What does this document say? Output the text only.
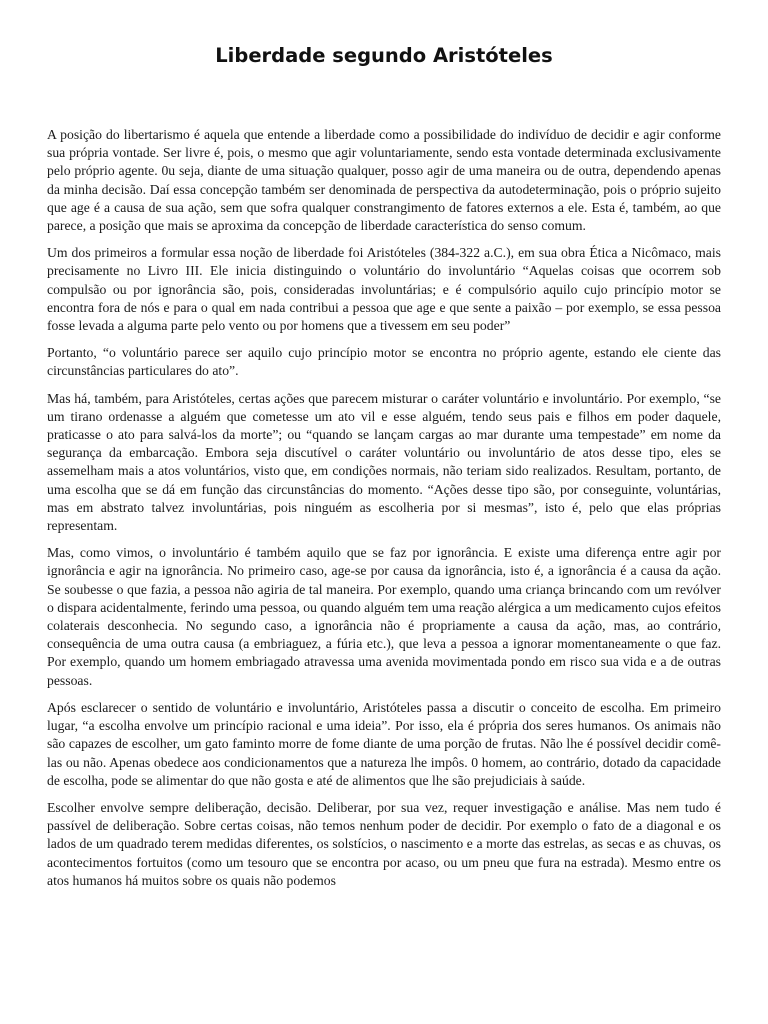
Liberdade segundo Aristóteles

A posição do libertarismo é aquela que entende a liberdade como a possibilidade do indivíduo de decidir e agir conforme sua própria vontade. Ser livre é, pois, o mesmo que agir voluntariamente, sendo esta vontade determinada exclusivamente pelo próprio agente. 0u seja, diante de uma situação qualquer, posso agir de uma maneira ou de outra, dependendo apenas da minha decisão. Daí essa concepção também ser denominada de perspectiva da autodeterminação, pois o próprio sujeito que age é a causa de sua ação, sem que sofra qualquer constrangimento de fatores externos a ele. Esta é, também, ao que parece, a posição que mais se aproxima da concepção de liberdade característica do senso comum.

Um dos primeiros a formular essa noção de liberdade foi Aristóteles (384-322 a.C.), em sua obra Ética a Nicômaco, mais precisamente no Livro III. Ele inicia distinguindo o voluntário do involuntário “Aquelas coisas que ocorrem sob compulsão ou por ignorância são, pois, consideradas involuntárias; e é compulsório aquilo cujo princípio motor se encontra fora de nós e para o qual em nada contribui a pessoa que age e que sente a paixão – por exemplo, se essa pessoa fosse levada a alguma parte pelo vento ou por homens que a tivessem em seu poder”

Portanto, “o voluntário parece ser aquilo cujo princípio motor se encontra no próprio agente, estando ele ciente das circunstâncias particulares do ato”.

Mas há, também, para Aristóteles, certas ações que parecem misturar o caráter voluntário e involuntário. Por exemplo, “se um tirano ordenasse a alguém que cometesse um ato vil e esse alguém, tendo seus pais e filhos em poder daquele, praticasse o ato para salvá-los da morte”; ou “quando se lançam cargas ao mar durante uma tempestade” em nome da segurança da embarcação. Embora seja discutível o caráter voluntário ou involuntário de atos desse tipo, eles se assemelham mais a atos voluntários, visto que, em condições normais, não teriam sido realizados. Resultam, portanto, de uma escolha que se dá em função das circunstâncias do momento. “Ações desse tipo são, por conseguinte, voluntárias, mas em abstrato talvez involuntárias, pois ninguém as escolheria por si mesmas”, isto é, pelo que elas próprias representam.

Mas, como vimos, o involuntário é também aquilo que se faz por ignorância. E existe uma diferença entre agir por ignorância e agir na ignorância. No primeiro caso, age-se por causa da ignorância, isto é, a ignorância é a causa da ação. Se soubesse o que fazia, a pessoa não agiria de tal maneira. Por exemplo, quando uma criança brincando com um revólver o dispara acidentalmente, ferindo uma pessoa, ou quando alguém tem uma reação alérgica a um medicamento cujos efeitos colaterais desconhecia. No segundo caso, a ignorância não é propriamente a causa da ação, mas, ao contrário, consequência de uma outra causa (a embriaguez, a fúria etc.), que leva a pessoa a ignorar momentaneamente o que faz. Por exemplo, quando um homem embriagado atravessa uma avenida movimentada pondo em risco sua vida e a de outras pessoas.

Após esclarecer o sentido de voluntário e involuntário, Aristóteles passa a discutir o conceito de escolha. Em primeiro lugar, “a escolha envolve um princípio racional e uma ideia”. Por isso, ela é própria dos seres humanos. Os animais não são capazes de escolher, um gato faminto morre de fome diante de uma porção de frutas. Não lhe é possível decidir comê-las ou não. Apenas obedece aos condicionamentos que a natureza lhe impôs. 0 homem, ao contrário, dotado da capacidade de escolha, pode se alimentar do que não gosta e até de alimentos que lhe são prejudiciais à saúde.

Escolher envolve sempre deliberação, decisão. Deliberar, por sua vez, requer investigação e análise. Mas nem tudo é passível de deliberação. Sobre certas coisas, não temos nenhum poder de decidir. Por exemplo o fato de a diagonal e os lados de um quadrado terem medidas diferentes, os solstícios, o nascimento e a morte das estrelas, as secas e as chuvas, os acontecimentos fortuitos (como um tesouro que se encontra por acaso, ou um pneu que fura na estrada). Mesmo entre os atos humanos há muitos sobre os quais não podemos
